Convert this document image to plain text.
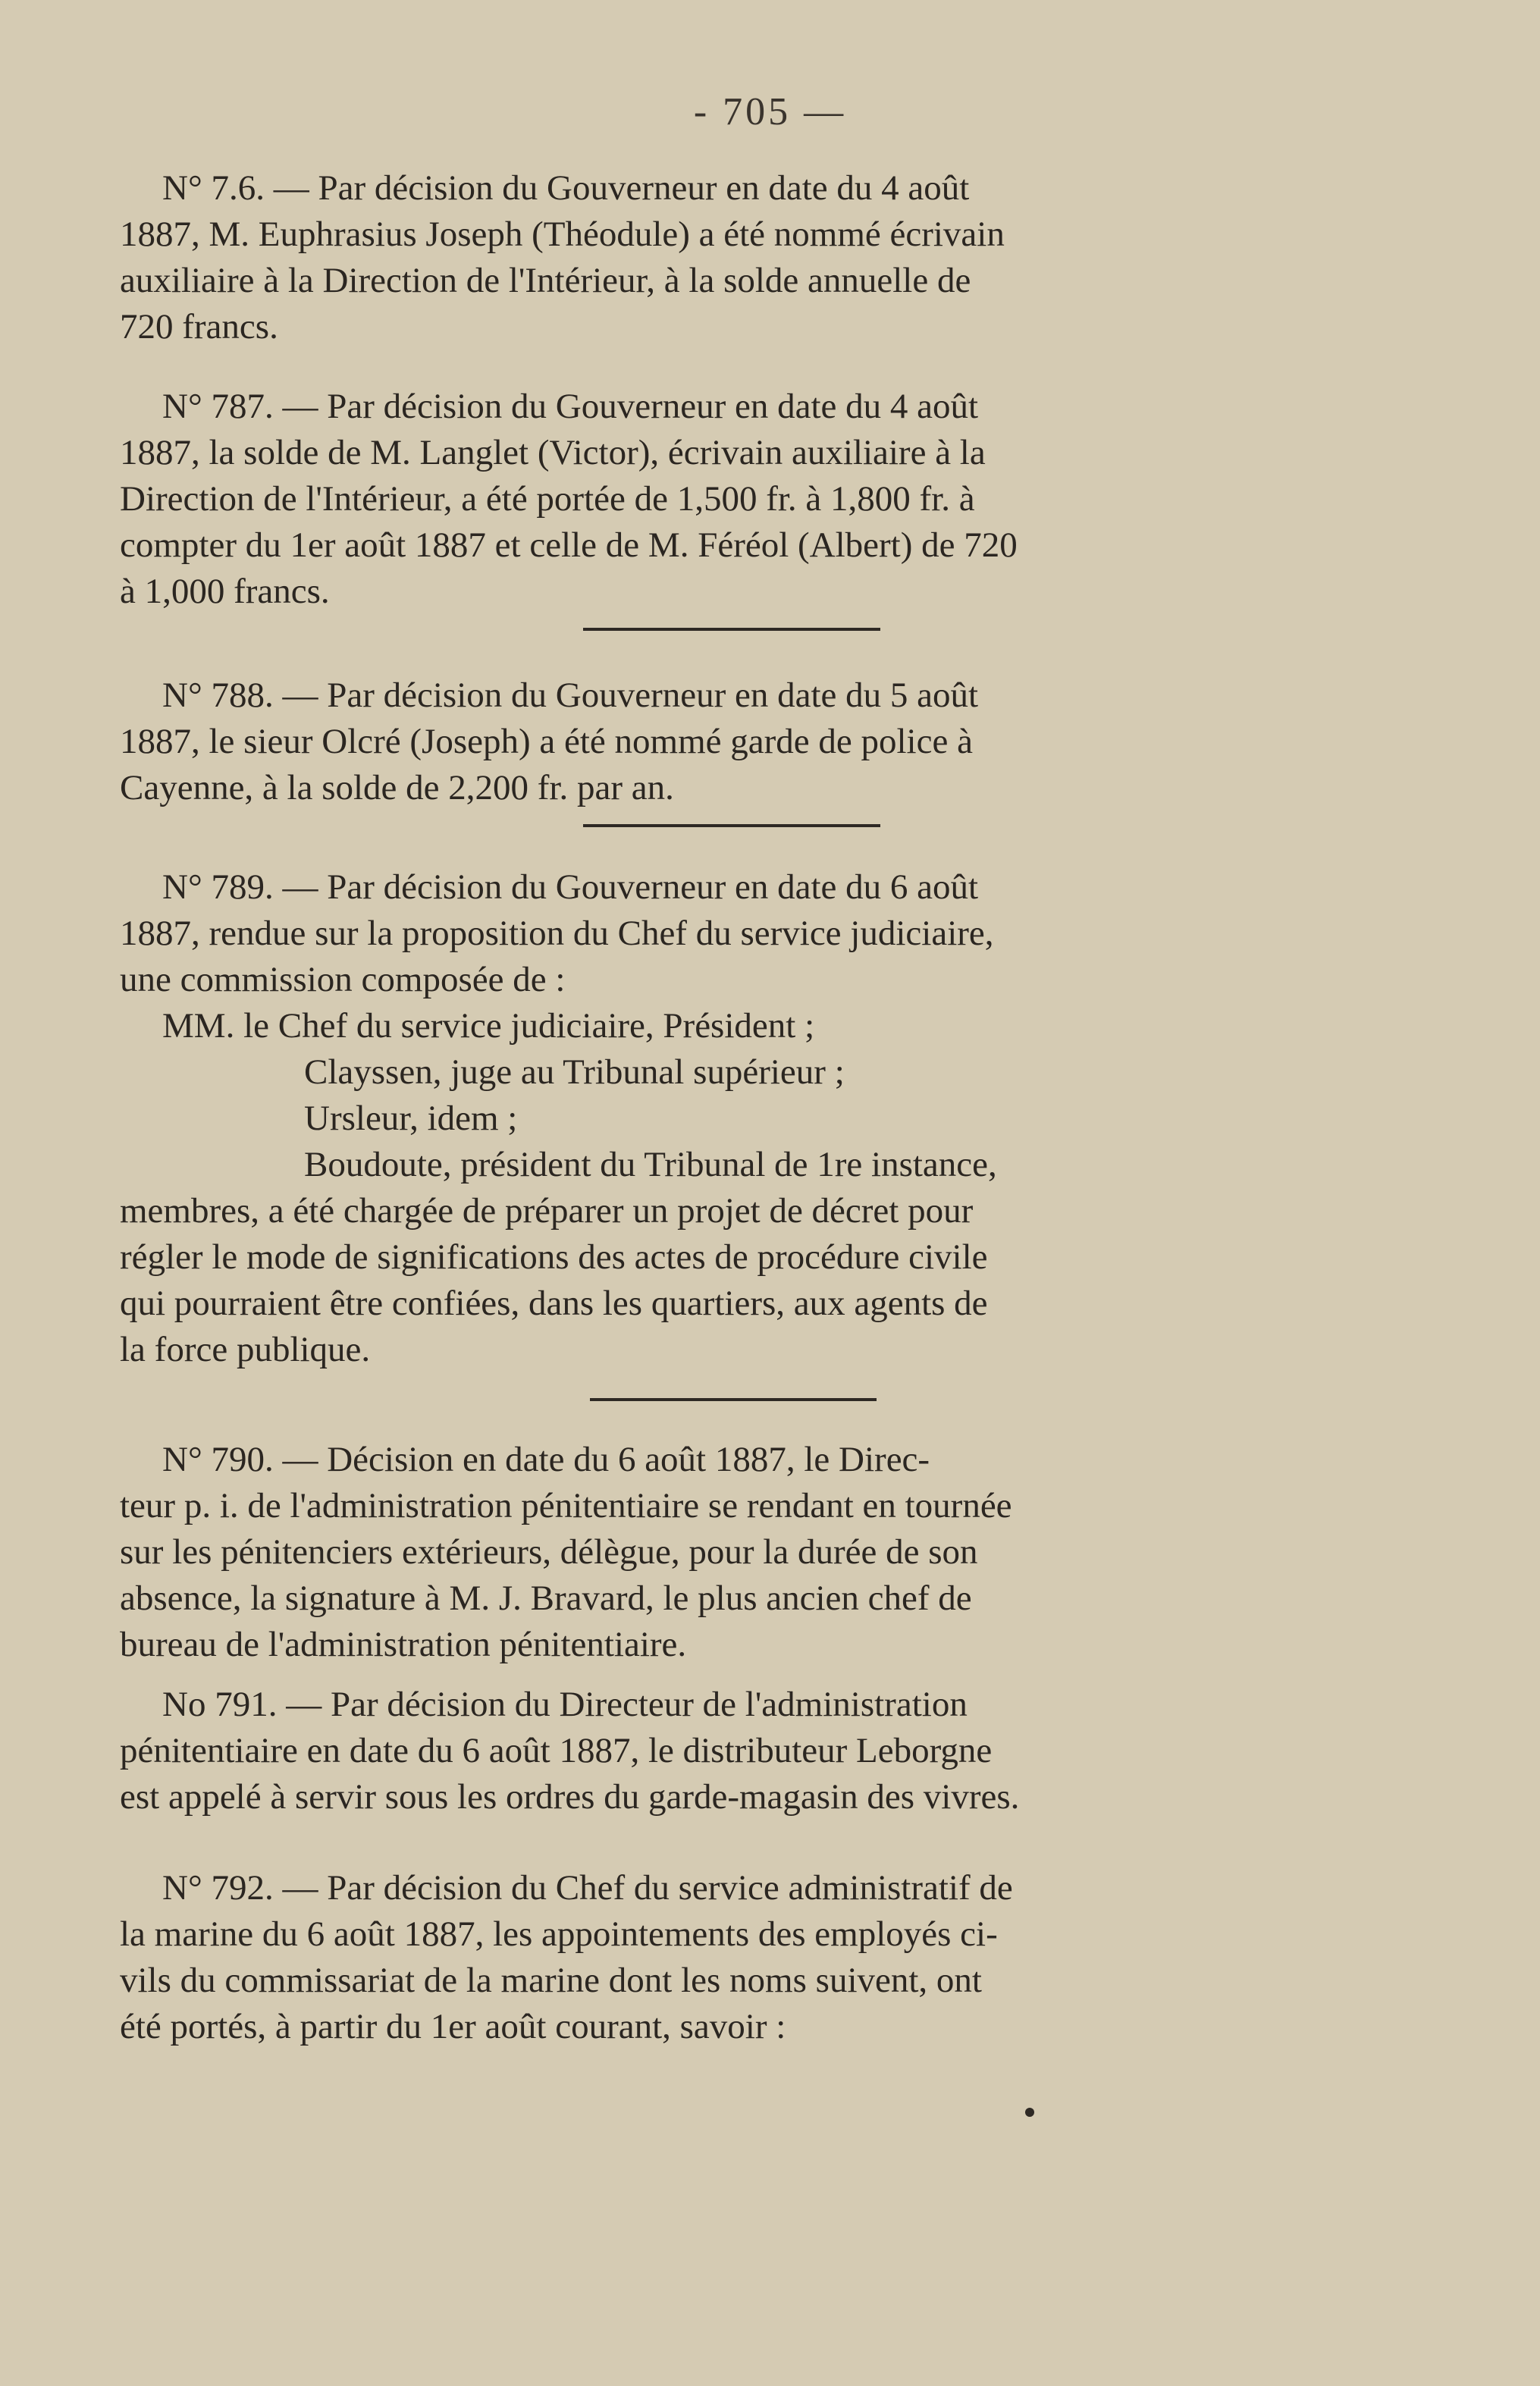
- 705 —
N° 7.6. — Par décision du Gouverneur en date du 4 août
1887, M. Euphrasius Joseph (Théodule) a été nommé écrivain
auxiliaire à la Direction de l'Intérieur, à la solde annuelle de
720 francs.
N° 787. — Par décision du Gouverneur en date du 4 août
1887, la solde de M. Langlet (Victor), écrivain auxiliaire à la
Direction de l'Intérieur, a été portée de 1,500 fr. à 1,800 fr. à
compter du 1er août 1887 et celle de M. Féréol (Albert) de 720
à 1,000 francs.
N° 788. — Par décision du Gouverneur en date du 5 août
1887, le sieur Olcré (Joseph) a été nommé garde de police à
Cayenne, à la solde de 2,200 fr. par an.
N° 789. — Par décision du Gouverneur en date du 6 août
1887, rendue sur la proposition du Chef du service judiciaire,
une commission composée de :
MM. le Chef du service judiciaire, Président ;
Clayssen, juge au Tribunal supérieur ;
Ursleur, idem ;
Boudoute, président du Tribunal de 1re instance,
membres, a été chargée de préparer un projet de décret pour
régler le mode de significations des actes de procédure civile
qui pourraient être confiées, dans les quartiers, aux agents de
la force publique.
N° 790. — Décision en date du 6 août 1887, le Direc-
teur p. i. de l'administration pénitentiaire se rendant en tournée
sur les pénitenciers extérieurs, délègue, pour la durée de son
absence, la signature à M. J. Bravard, le plus ancien chef de
bureau de l'administration pénitentiaire.
No 791. — Par décision du Directeur de l'administration
pénitentiaire en date du 6 août 1887, le distributeur Leborgne
est appelé à servir sous les ordres du garde-magasin des vivres.
N° 792. — Par décision du Chef du service administratif de
la marine du 6 août 1887, les appointements des employés ci-
vils du commissariat de la marine dont les noms suivent, ont
été portés, à partir du 1er août courant, savoir :
